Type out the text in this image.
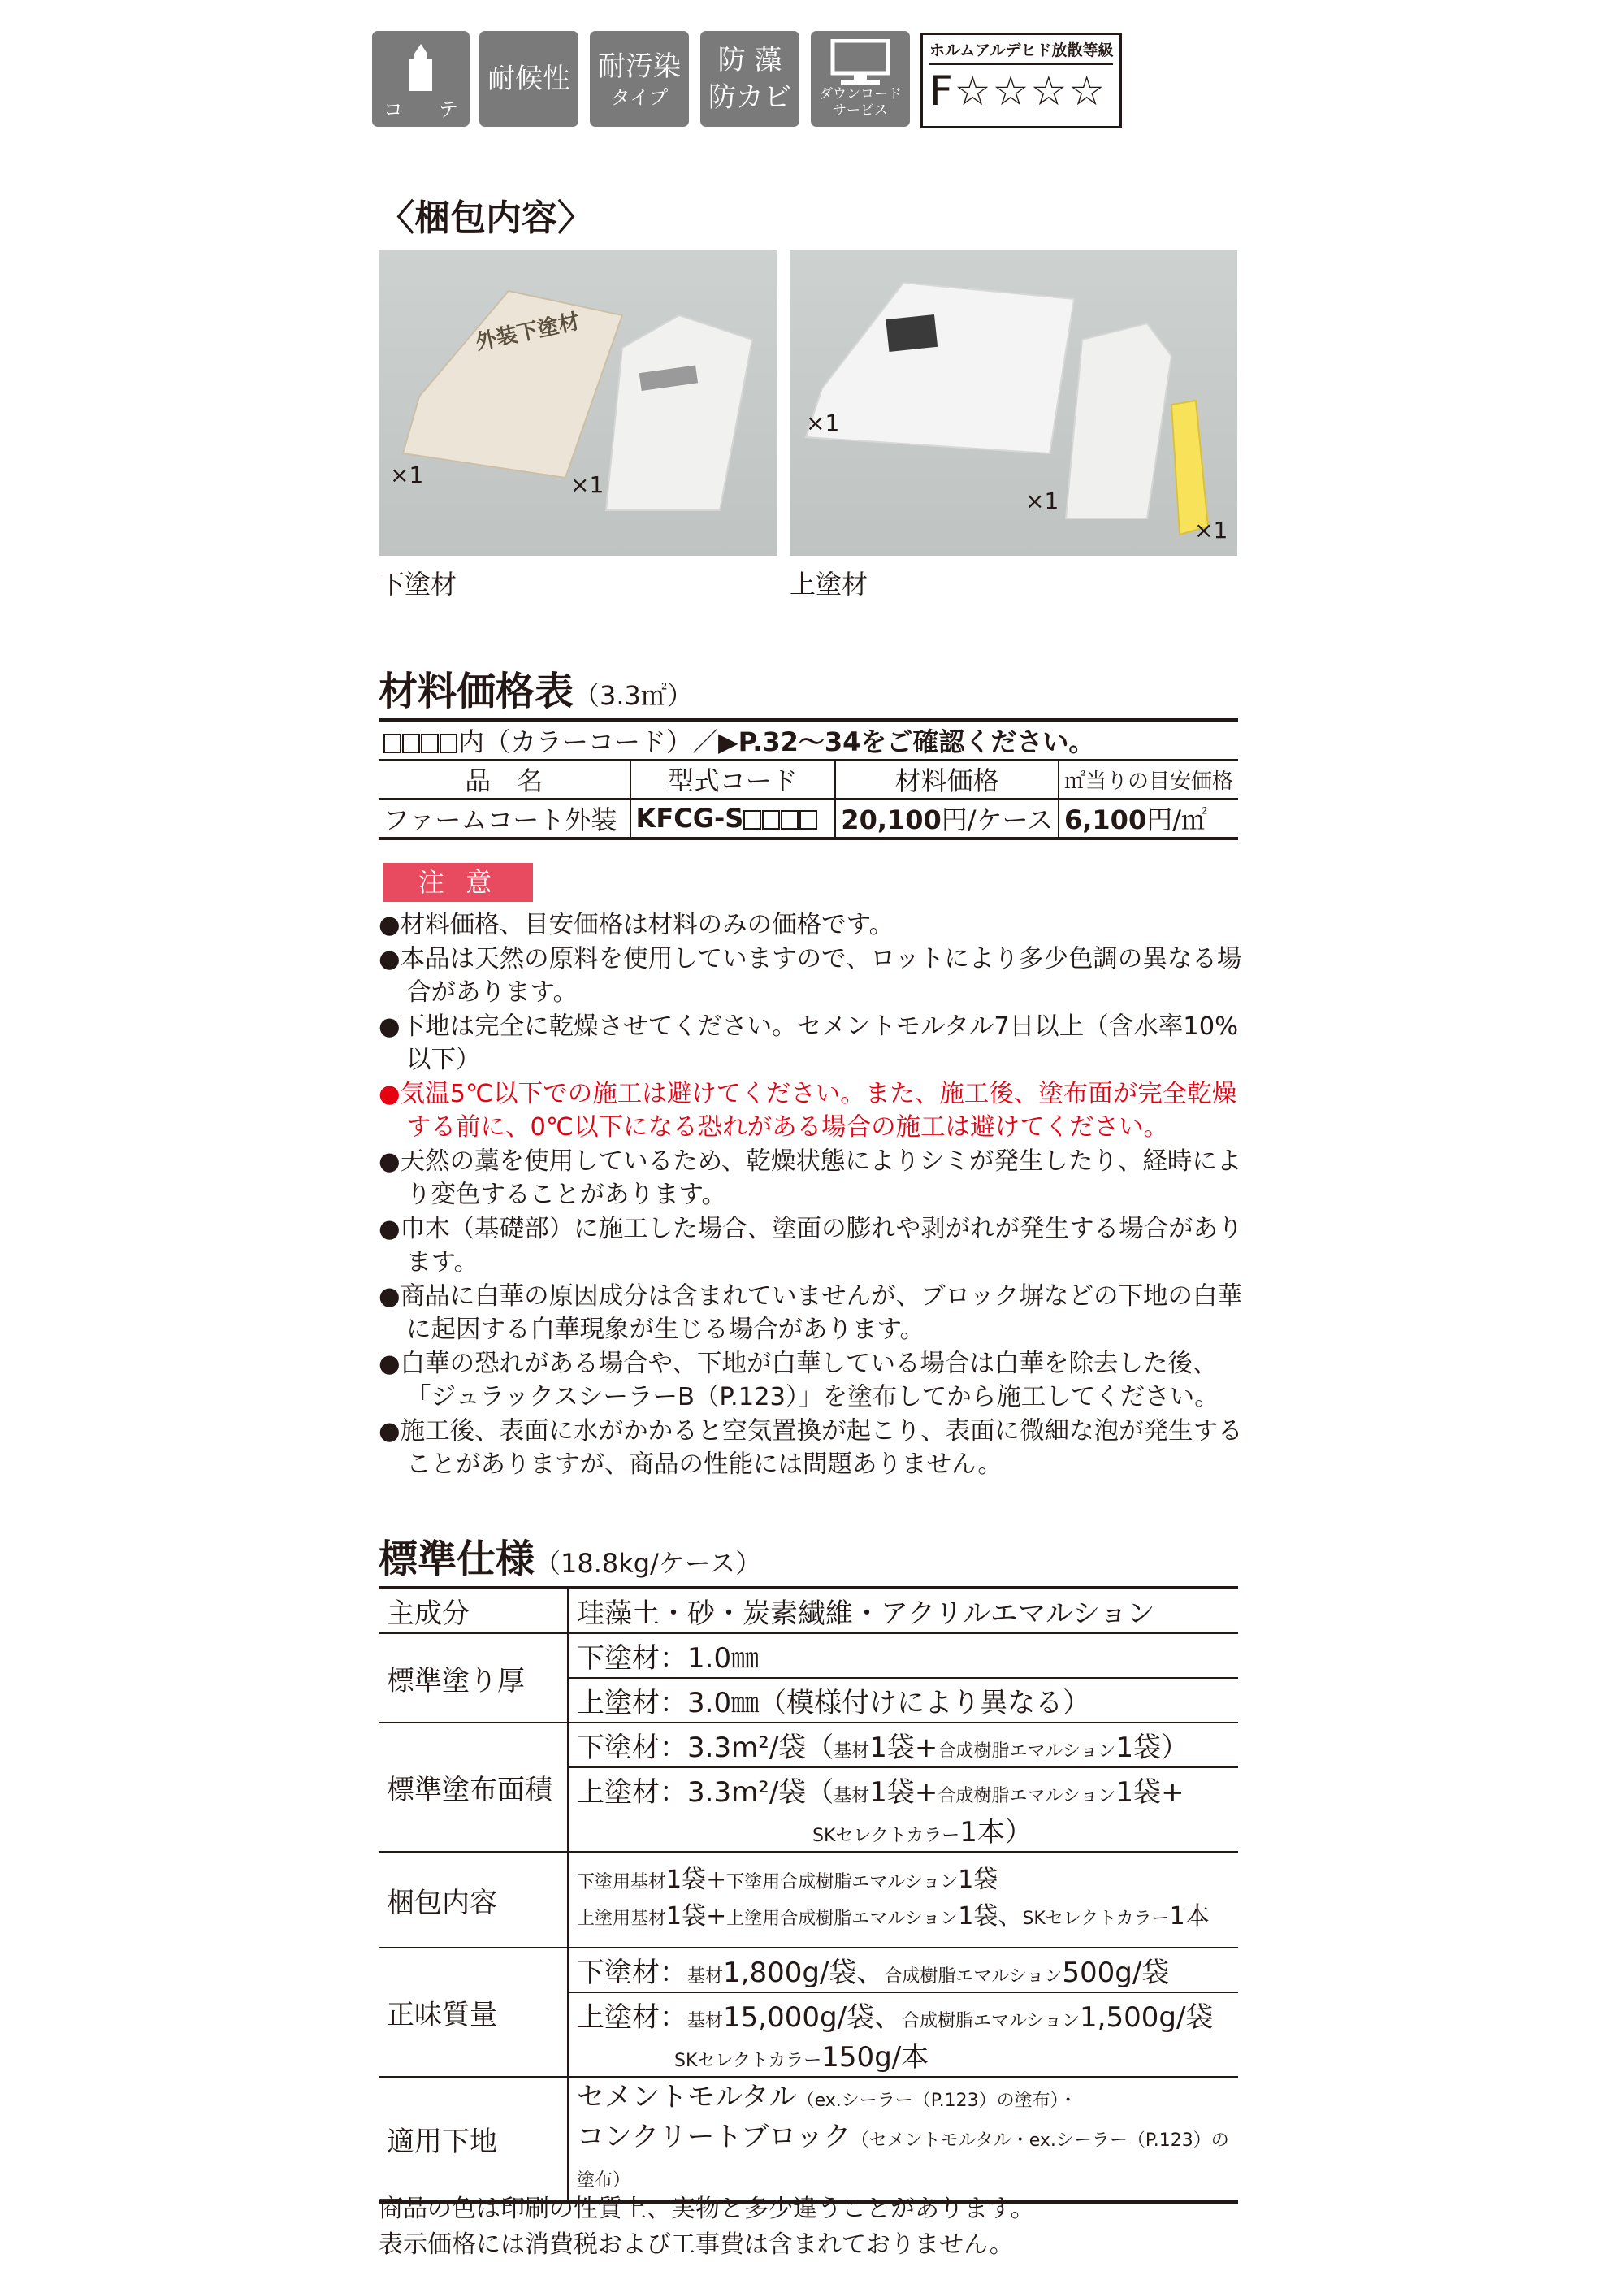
コ テ
耐候性 耐汚染
タイプ
防 藻
防カビ ダウンロード
サービス
ホルムアルデヒド放散等級
F☆☆☆☆
〈梱包内容〉
外装下塗材
×1	×1
下塗材
×1
×1
×1
上塗材
材料価格表（3.3㎡）
内（カラーコード）／▶P.32～34をご確認ください。			
品　名	型式コード	材料価格	㎡当りの目安価格
ファームコート外装	KFCG-S	20,100円/ケース	6,100円/㎡
注 意
●材料価格、目安価格は材料のみの価格です。
●本品は天然の原料を使用していますので、ロットにより多少色調の異なる場合があります。
●下地は完全に乾燥させてください。セメントモルタル7日以上（含水率10%以下）
●気温5℃以下での施工は避けてください。また、施工後、塗布面が完全乾燥する前に、0℃以下になる恐れがある場合の施工は避けてください。
●天然の藁を使用しているため、乾燥状態によりシミが発生したり、経時により変色することがあります。
●巾木（基礎部）に施工した場合、塗面の膨れや剥がれが発生する場合があります。
●商品に白華の原因成分は含まれていませんが、ブロック塀などの下地の白華に起因する白華現象が生じる場合があります。
●白華の恐れがある場合や、下地が白華している場合は白華を除去した後、「ジュラックスシーラーB（P.123）」を塗布してから施工してください。
●施工後、表面に水がかかると空気置換が起こり、表面に微細な泡が発生することがありますが、商品の性能には問題ありません。
標準仕様（18.8kg/ケース）
主成分	珪藻土・砂・炭素繊維・アクリルエマルション
標準塗り厚	下塗材：1.0㎜
	上塗材：3.0㎜（模様付けにより異なる）
標準塗布面積	下塗材：3.3m²/袋（基材1袋+合成樹脂エマルション1袋）
	上塗材：3.3m²/袋（基材1袋+合成樹脂エマルション1袋+
SKセレクトカラー1本）
梱包内容	下塗用基材1袋+下塗用合成樹脂エマルション1袋
上塗用基材1袋+上塗用合成樹脂エマルション1袋、SKセレクトカラー1本
正味質量	下塗材：基材1,800g/袋、合成樹脂エマルション500g/袋
	上塗材：基材15,000g/袋、合成樹脂エマルション1,500g/袋
SKセレクトカラー150g/本
適用下地	セメントモルタル（ex.シーラー（P.123）の塗布）・
コンクリートブロック（セメントモルタル・ex.シーラー（P.123）の塗布）
商品の色は印刷の性質上、実物と多少違うことがあります。
表示価格には消費税および工事費は含まれておりません。
